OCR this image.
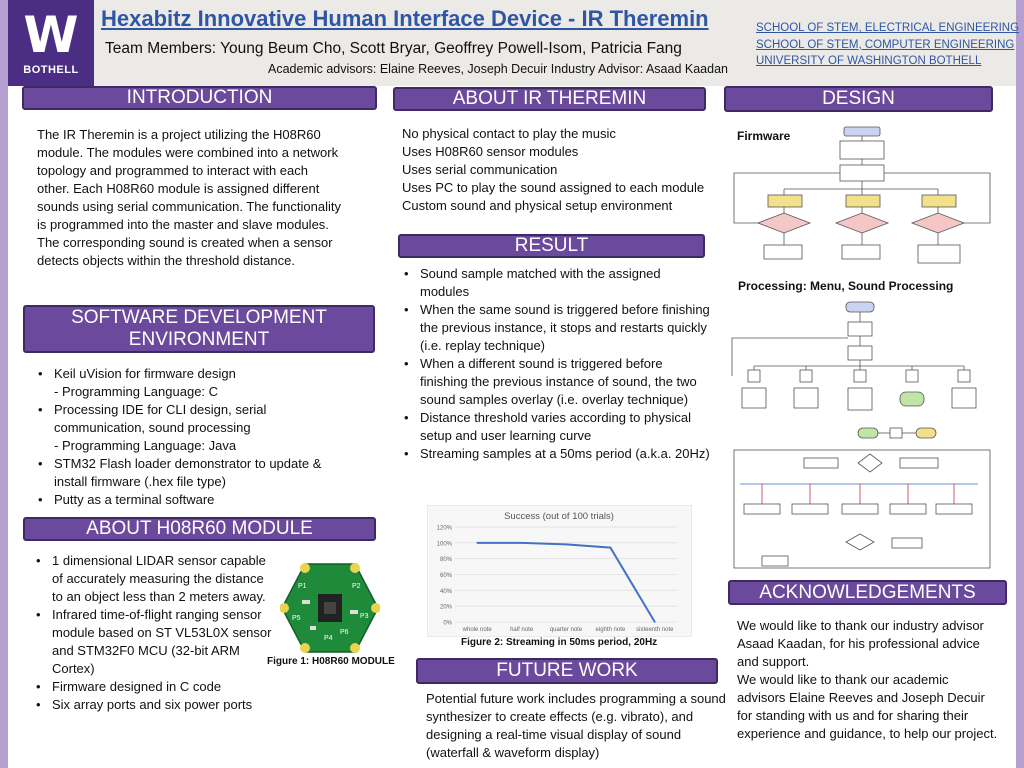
W
BOTHELL
Hexabitz Innovative Human Interface Device - IR Theremin
Team Members: Young Beum Cho, Scott Bryar, Geoffrey Powell-Isom, Patricia Fang
Academic advisors: Elaine Reeves, Joseph Decuir Industry Advisor: Asaad Kaadan
SCHOOL OF STEM, ELECTRICAL ENGINEERING
SCHOOL OF STEM, COMPUTER ENGINEERING
UNIVERSITY OF WASHINGTON BOTHELL
INTRODUCTION
The IR Theremin is a project utilizing the H08R60 module. The modules were combined into a network topology and programmed to interact with each other. Each H08R60 module is assigned different sounds using serial communication. The functionality is programmed into the master and slave modules. The corresponding sound is created when a sensor detects objects within the threshold distance.
SOFTWARE DEVELOPMENT
ENVIRONMENT
• Keil uVision for firmware design
- Programming Language: C
• Processing IDE for CLI design, serial communication, sound processing
- Programming Language: Java
• STM32 Flash loader demonstrator to update & install firmware (.hex file type)
• Putty as a terminal software
ABOUT H08R60 MODULE
• 1 dimensional LIDAR sensor capable of accurately measuring the distance to an object less than 2 meters away.
• Infrared time-of-flight ranging sensor module based on ST VL53L0X sensor and STM32F0 MCU (32-bit ARM Cortex)
• Firmware designed in C code
• Six array ports and six power ports
P1	P2
P3
P4
P5
P6
Figure 1: H08R60 MODULE
ABOUT IR THEREMIN
No physical contact to play the music
Uses H08R60 sensor modules
Uses serial communication
Uses PC to play the sound assigned to each module
Custom sound and physical setup environment
RESULT
• Sound sample matched with the assigned modules
• When the same sound is triggered before finishing the previous instance, it stops and restarts quickly (i.e. replay technique)
• When a different sound is triggered before finishing the previous instance of sound, the two sound samples overlay (i.e. overlay technique)
• Distance threshold varies according to physical setup and user learning curve
• Streaming samples at a 50ms period (a.k.a. 20Hz)
Success (out of 100 trials)
0%
20%
40%
60%
80%
100%
120%
whole note	half note	quarter note eighth note sixteenth note
Figure 2: Streaming in 50ms period, 20Hz
FUTURE WORK
Potential future work includes programming a sound synthesizer to create effects (e.g. vibrato), and designing a real-time visual display of sound (waterfall & waveform display)
DESIGN
Firmware
Processing: Menu, Sound Processing
ACKNOWLEDGEMENTS
We would like to thank our industry advisor Asaad Kaadan, for his professional advice and support.
We would like to thank our academic advisors Elaine Reeves and Joseph Decuir for standing with us and for sharing their experience and guidance, to help our project.
